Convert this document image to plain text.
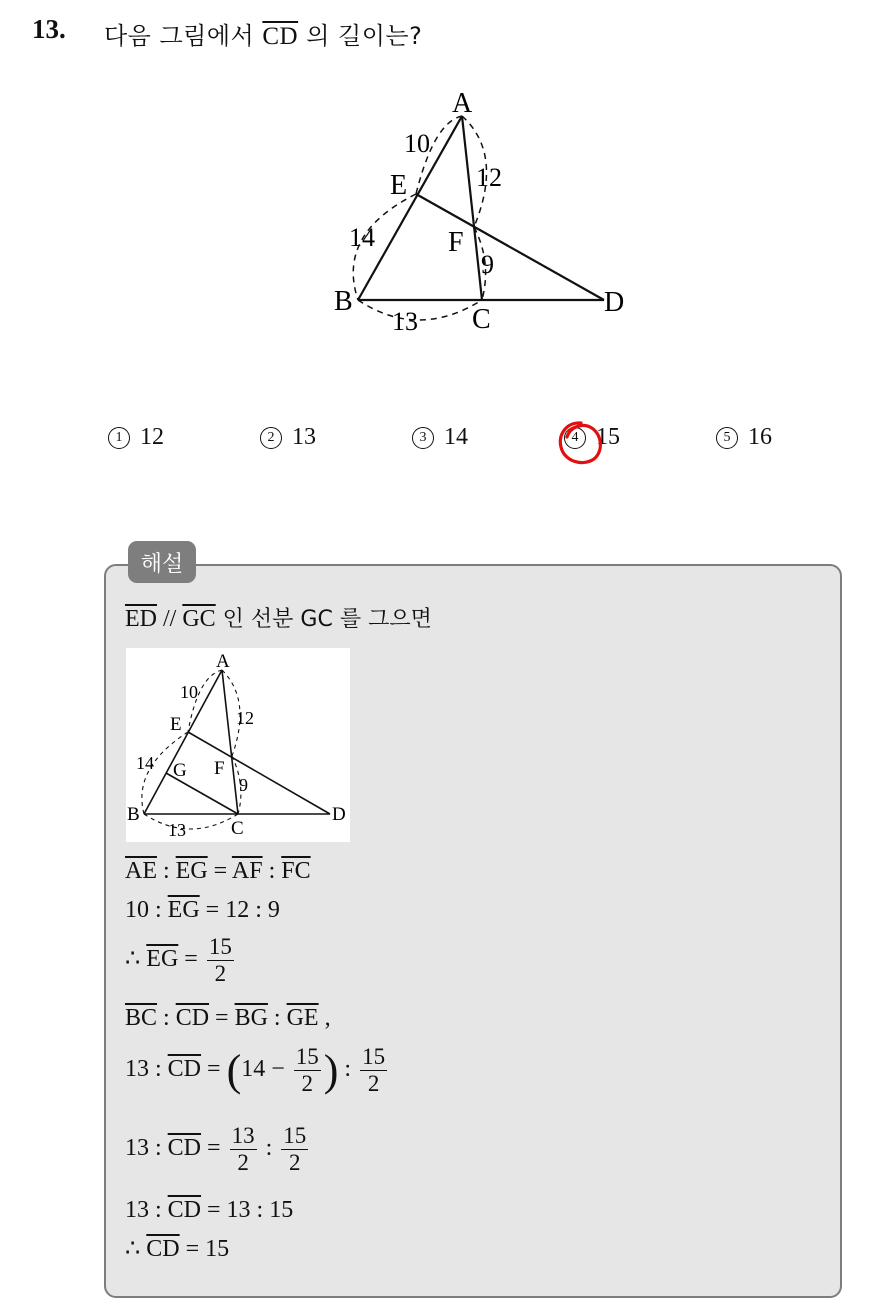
13. 다음 그림에서 $\overline{CD}$ 의 길이는?
A
B
C
D
E
F
10
12
14
9
13
1 12	2 13	3 14	4 15	5 16
해설
$\overline{ED} // \overline{GC}$ 인 선분 GC 를 그으면
A
B
C
D
E
F
G
10
12
14
9
13
$\overline{AE}$ : $\overline{EG} = \overline{AF}$ : $\overline{FC}$
10 : $\overline{EG} = 12$ : 9
∴ $\overline{EG} = \frac{15}{2}$
$\overline{BC}$ : $\overline{CD} = \overline{BG}$ : $\overline{GE}$ ,
13 : $\overline{CD} = (14 - \frac{15}{2}$ ) : $\frac{15}{2}$
13 : $\overline{CD} = \frac{13}{2}$ : $\frac{15}{2}$
13 : $\overline{CD} = 13$ : 15
∴ $\overline{CD} = 15$
